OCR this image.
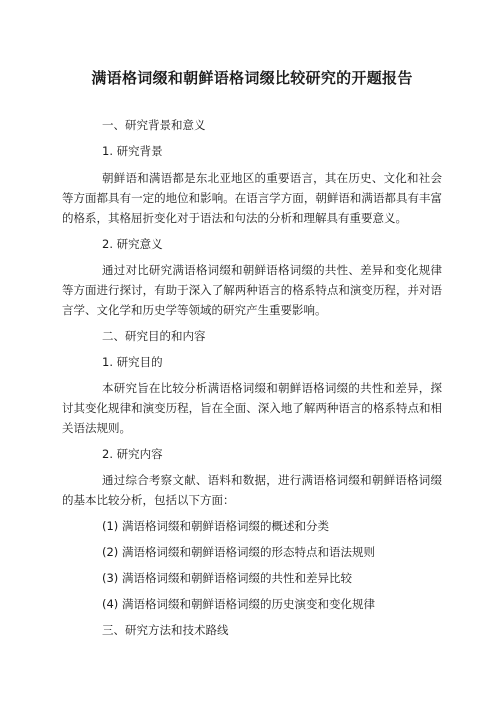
满语格词缀和朝鲜语格词缀比较研究的开题报告

一、研究背景和意义

1. 研究背景

朝鲜语和满语都是东北亚地区的重要语言，其在历史、文化和社会等方面都具有一定的地位和影响。在语言学方面，朝鲜语和满语都具有丰富的格系，其格屈折变化对于语法和句法的分析和理解具有重要意义。

2. 研究意义

通过对比研究满语格词缀和朝鲜语格词缀的共性、差异和变化规律等方面进行探讨，有助于深入了解两种语言的格系特点和演变历程，并对语言学、文化学和历史学等领域的研究产生重要影响。

二、研究目的和内容

1. 研究目的

本研究旨在比较分析满语格词缀和朝鲜语格词缀的共性和差异，探讨其变化规律和演变历程，旨在全面、深入地了解两种语言的格系特点和相关语法规则。

2. 研究内容

通过综合考察文献、语料和数据，进行满语格词缀和朝鲜语格词缀的基本比较分析，包括以下方面：

(1) 满语格词缀和朝鲜语格词缀的概述和分类

(2) 满语格词缀和朝鲜语格词缀的形态特点和语法规则

(3) 满语格词缀和朝鲜语格词缀的共性和差异比较

(4) 满语格词缀和朝鲜语格词缀的历史演变和变化规律

三、研究方法和技术路线
